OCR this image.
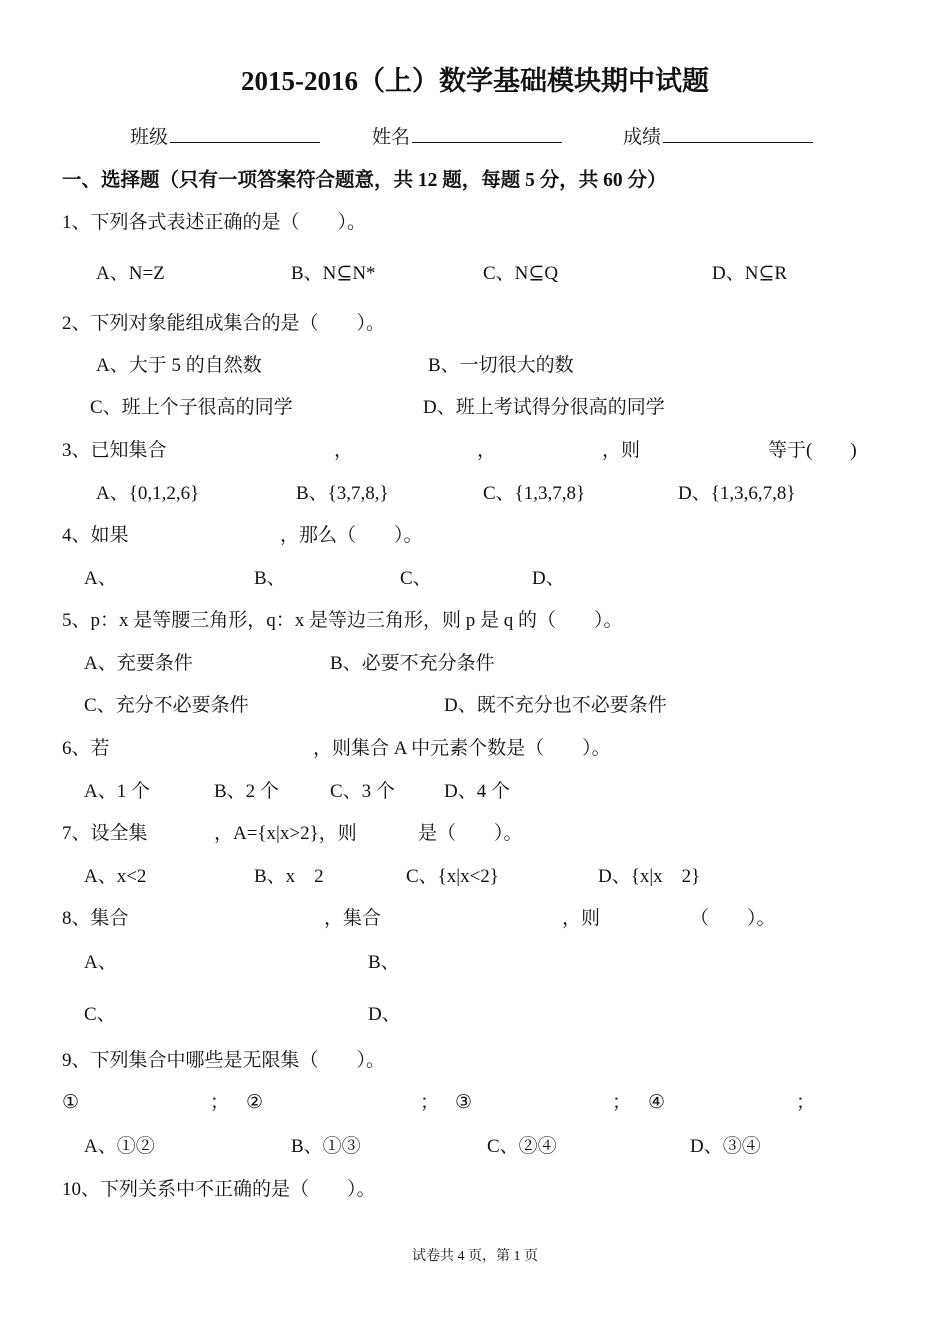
2015-2016（上）数学基础模块期中试题
班级	姓名	成绩
一、选择题（只有一项答案符合题意，共 12 题，每题 5 分，共 60 分）
1、下列各式表述正确的是（　　）。
A、N=Z	B、N⊆N*	C、N⊆Q	D、N⊆R
2、下列对象能组成集合的是（　　）。
A、大于 5 的自然数	B、一切很大的数
C、班上个子很高的同学	D、班上考试得分很高的同学
3、已知集合	，	，	，则	等于(　　)
A、{0,1,2,6}	B、{3,7,8,}	C、{1,3,7,8}	D、{1,3,6,7,8}
4、如果	，那么（　　）。
A、	B、	C、	D、
5、p：x 是等腰三角形，q：x 是等边三角形，则 p 是 q 的（　　）。
A、充要条件	B、必要不充分条件
C、充分不必要条件	D、既不充分也不必要条件
6、若	，则集合 A 中元素个数是（　　）。
A、1 个	B、2 个	C、3 个	D、4 个
7、设全集	，A={x|x>2}，则	是（　　）。
A、x<2	B、x　2	C、{x|x<2}	D、{x|x　2}
8、集合	，集合	，则	（　　）。
A、	B、
C、	D、
9、下列集合中哪些是无限集（　　）。
①	； ②	； ③	； ④	；
A、①②	B、①③	C、②④	D、③④
10、下列关系中不正确的是（　　）。
试卷共 4 页，第 1 页
